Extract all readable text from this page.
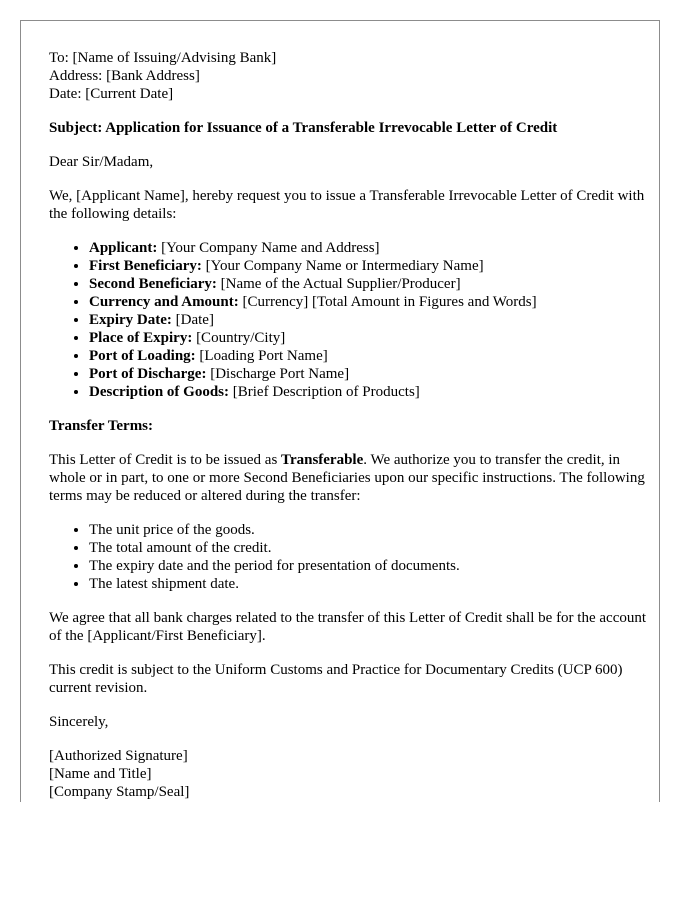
To: [Name of Issuing/Advising Bank]
Address: [Bank Address]
Date: [Current Date]

Subject: Application for Issuance of a Transferable Irrevocable Letter of Credit

Dear Sir/Madam,

We, [Applicant Name], hereby request you to issue a Transferable Irrevocable Letter of Credit with the following details:

• Applicant: [Your Company Name and Address]
• First Beneficiary: [Your Company Name or Intermediary Name]
• Second Beneficiary: [Name of the Actual Supplier/Producer]
• Currency and Amount: [Currency] [Total Amount in Figures and Words]
• Expiry Date: [Date]
• Place of Expiry: [Country/City]
• Port of Loading: [Loading Port Name]
• Port of Discharge: [Discharge Port Name]
• Description of Goods: [Brief Description of Products]

Transfer Terms:

This Letter of Credit is to be issued as Transferable. We authorize you to transfer the credit, in whole or in part, to one or more Second Beneficiaries upon our specific instructions. The following terms may be reduced or altered during the transfer:

• The unit price of the goods.
• The total amount of the credit.
• The expiry date and the period for presentation of documents.
• The latest shipment date.

We agree that all bank charges related to the transfer of this Letter of Credit shall be for the account of the [Applicant/First Beneficiary].

This credit is subject to the Uniform Customs and Practice for Documentary Credits (UCP 600) current revision.

Sincerely,

[Authorized Signature]
[Name and Title]
[Company Stamp/Seal]
